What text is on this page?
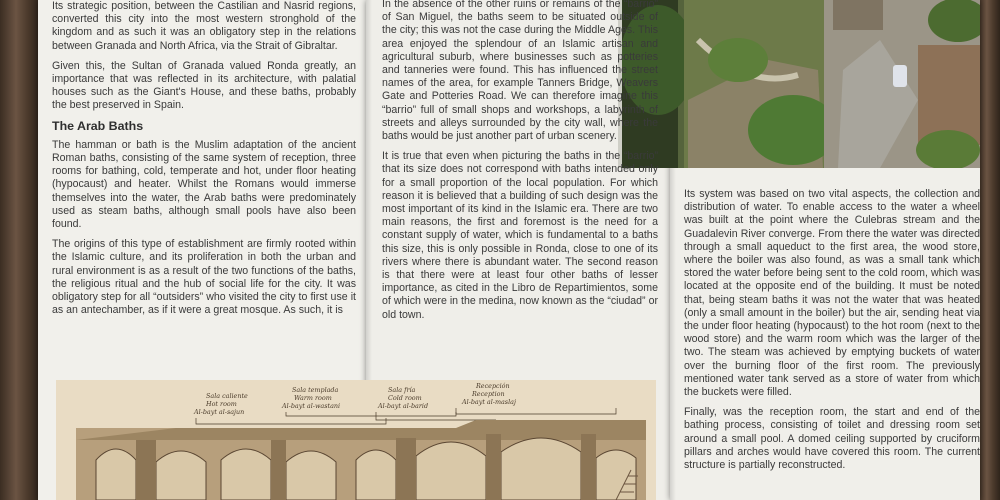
Its strategic position, between the Castilian and Nasrid regions, converted this city into the most western stronghold of the kingdom and as such it was an obligatory step in the relations between Granada and North Africa, via the Strait of Gibraltar.

Given this, the Sultan of Granada valued Ronda greatly, an importance that was reflected in its architecture, with palatial houses such as the Giant's House, and these baths, probably the best preserved in Spain.

The Arab Baths

The hamman or bath is the Muslim adaptation of the ancient Roman baths, consisting of the same system of reception, three rooms for bathing, cold, temperate and hot, under floor heating (hypocaust) and heater. Whilst the Romans would immerse themselves into the water, the Arab baths were predominately used as steam baths, although small pools have also been found.

The origins of this type of establishment are firmly rooted within the Islamic culture, and its proliferation in both the urban and rural environment is as a result of the two functions of the baths, the religious ritual and the hub of social life for the city. It was obligatory step for all “outsiders” who visited the city to first use it as an antechamber, as if it were a great mosque. As such, it is

In the absence of the other ruins or remains of the “barrio” of San Miguel, the baths seem to be situated outside of the city; this was not the case during the Middle Ages. This area enjoyed the splendour of an Islamic artisan and agricultural suburb, where businesses such as potteries and tanneries were found. This has influenced the street names of the area, for example Tanners Bridge, Weavers Gate and Potteries Road. We can therefore imagine this “barrio” full of small shops and workshops, a labyrinth of streets and alleys surrounded by the city wall, where the baths would be just another part of urban scenery.

It is true that even when picturing the baths in the “barrio” that its size does not correspond with baths intended only for a small proportion of the local population. For which reason it is believed that a building of such design was the most important of its kind in the Islamic era. There are two main reasons, the first and foremost is the need for a constant supply of water, which is fundamental to a baths this size, this is only possible in Ronda, close to one of its rivers where there is abundant water. The second reason is that there were at least four other baths of lesser importance, as cited in the Libro de Repartimientos, some of which were in the medina, now known as the “ciudad” or old town.

Its system was based on two vital aspects, the collection and distribution of water. To enable access to the water a wheel was built at the point where the Culebras stream and the Guadalevin River converge. From there the water was directed through a small aqueduct to the first area, the wood store, where the boiler was also found, as was a small tank which stored the water before being sent to the cold room, which was located at the opposite end of the building. It must be noted that, being steam baths it was not the water that was heated (only a small amount in the boiler) but the air, sending heat via the under floor heating (hypocaust) to the hot room (next to the wood store) and the warm room which was the larger of the two. The steam was achieved by emptying buckets of water over the burning floor of the first room. The previously mentioned water tank served as a store of water from which the buckets were filled.

Finally, was the reception room, the start and end of the bathing process, consisting of toilet and dressing room set around a small pool. A domed ceiling supported by cruciform pillars and arches would have covered this room. The current structure is partially reconstructed.

Sala caliente
Hot room
Al-bayt al-sajun
Sala templada
Warm room
Al-bayt al-wastani
Sala fría
Cold room
Al-bayt al-barid
Recepción
Reception
Al-bayt al-maslaj
